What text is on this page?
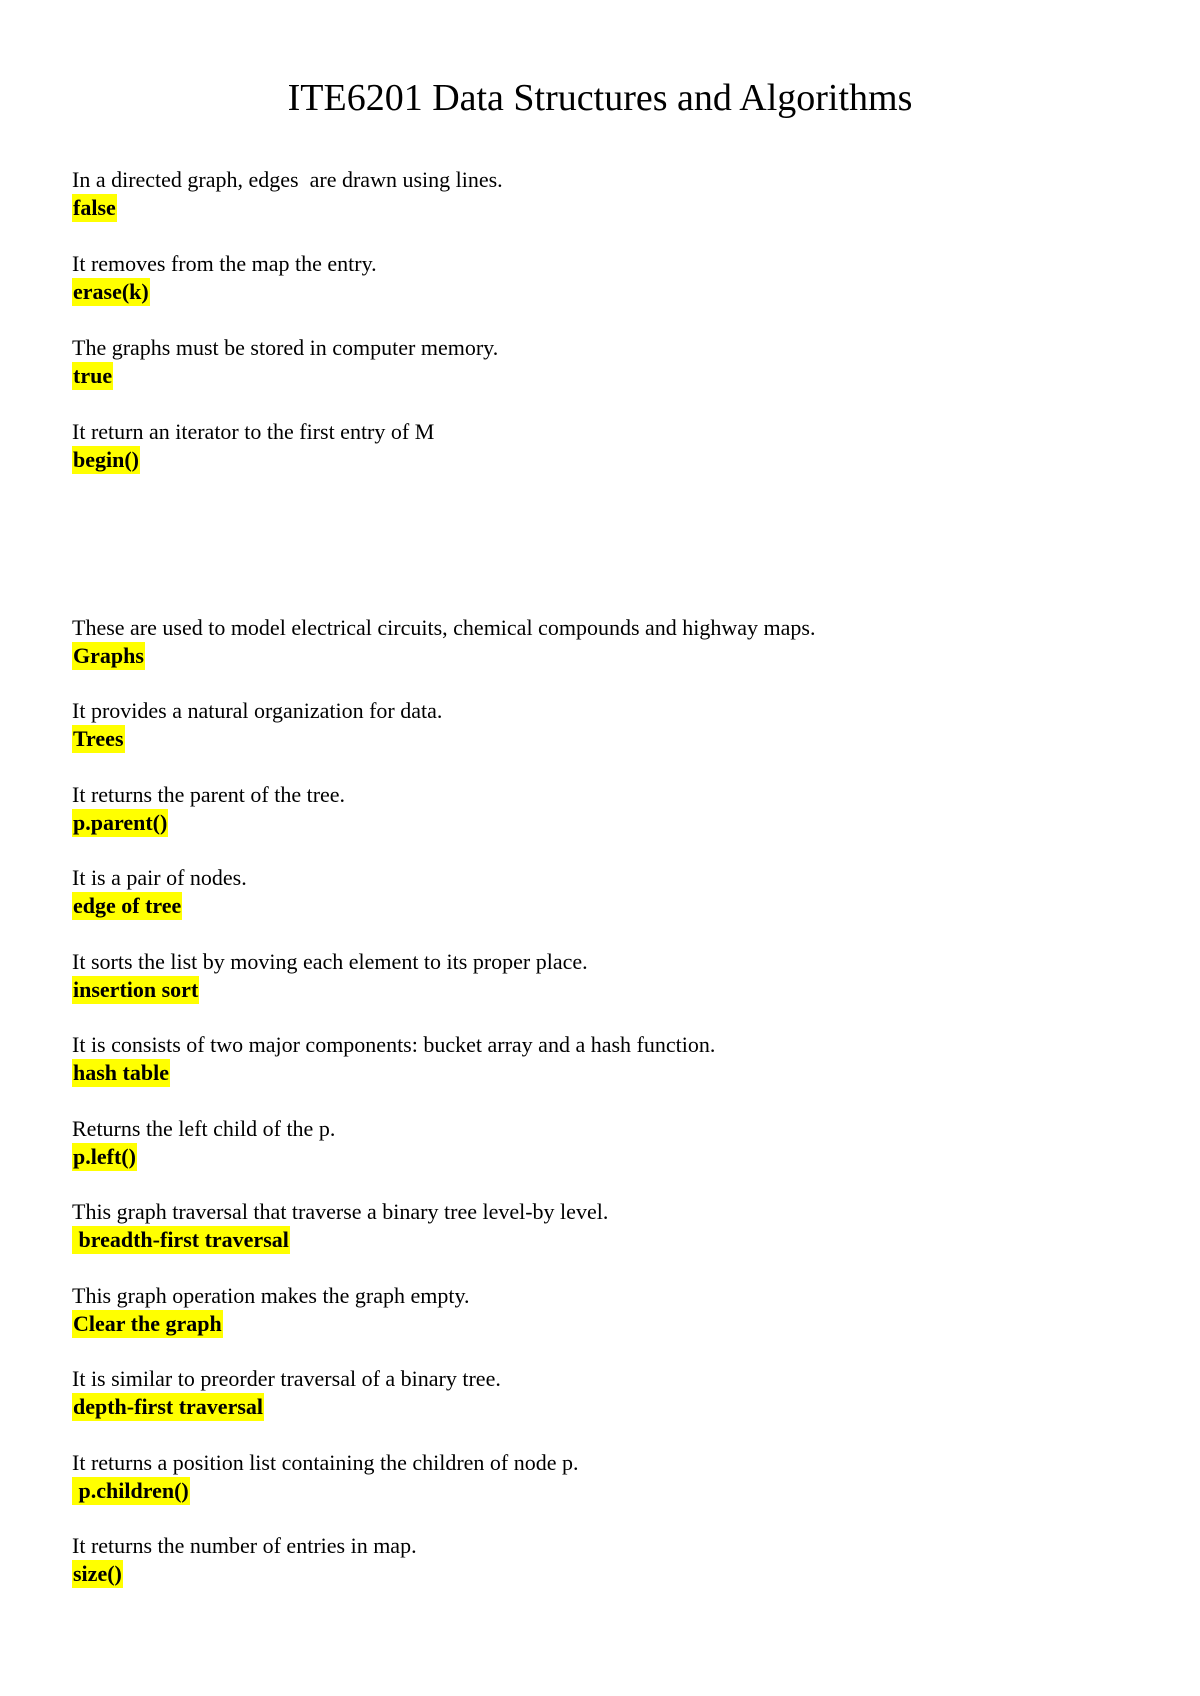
ITE6201 Data Structures and Algorithms
In a directed graph, edges  are drawn using lines.
false
It removes from the map the entry.
erase(k)
The graphs must be stored in computer memory.
true
It return an iterator to the first entry of M
begin()
These are used to model electrical circuits, chemical compounds and highway maps.
Graphs
It provides a natural organization for data.
Trees
It returns the parent of the tree.
p.parent()
It is a pair of nodes.
edge of tree
It sorts the list by moving each element to its proper place.
insertion sort
It is consists of two major components: bucket array and a hash function.
hash table
Returns the left child of the p.
p.left()
This graph traversal that traverse a binary tree level-by level.
breadth-first traversal
This graph operation makes the graph empty.
Clear the graph
It is similar to preorder traversal of a binary tree.
depth-first traversal
It returns a position list containing the children of node p.
p.children()
It returns the number of entries in map.
size()
